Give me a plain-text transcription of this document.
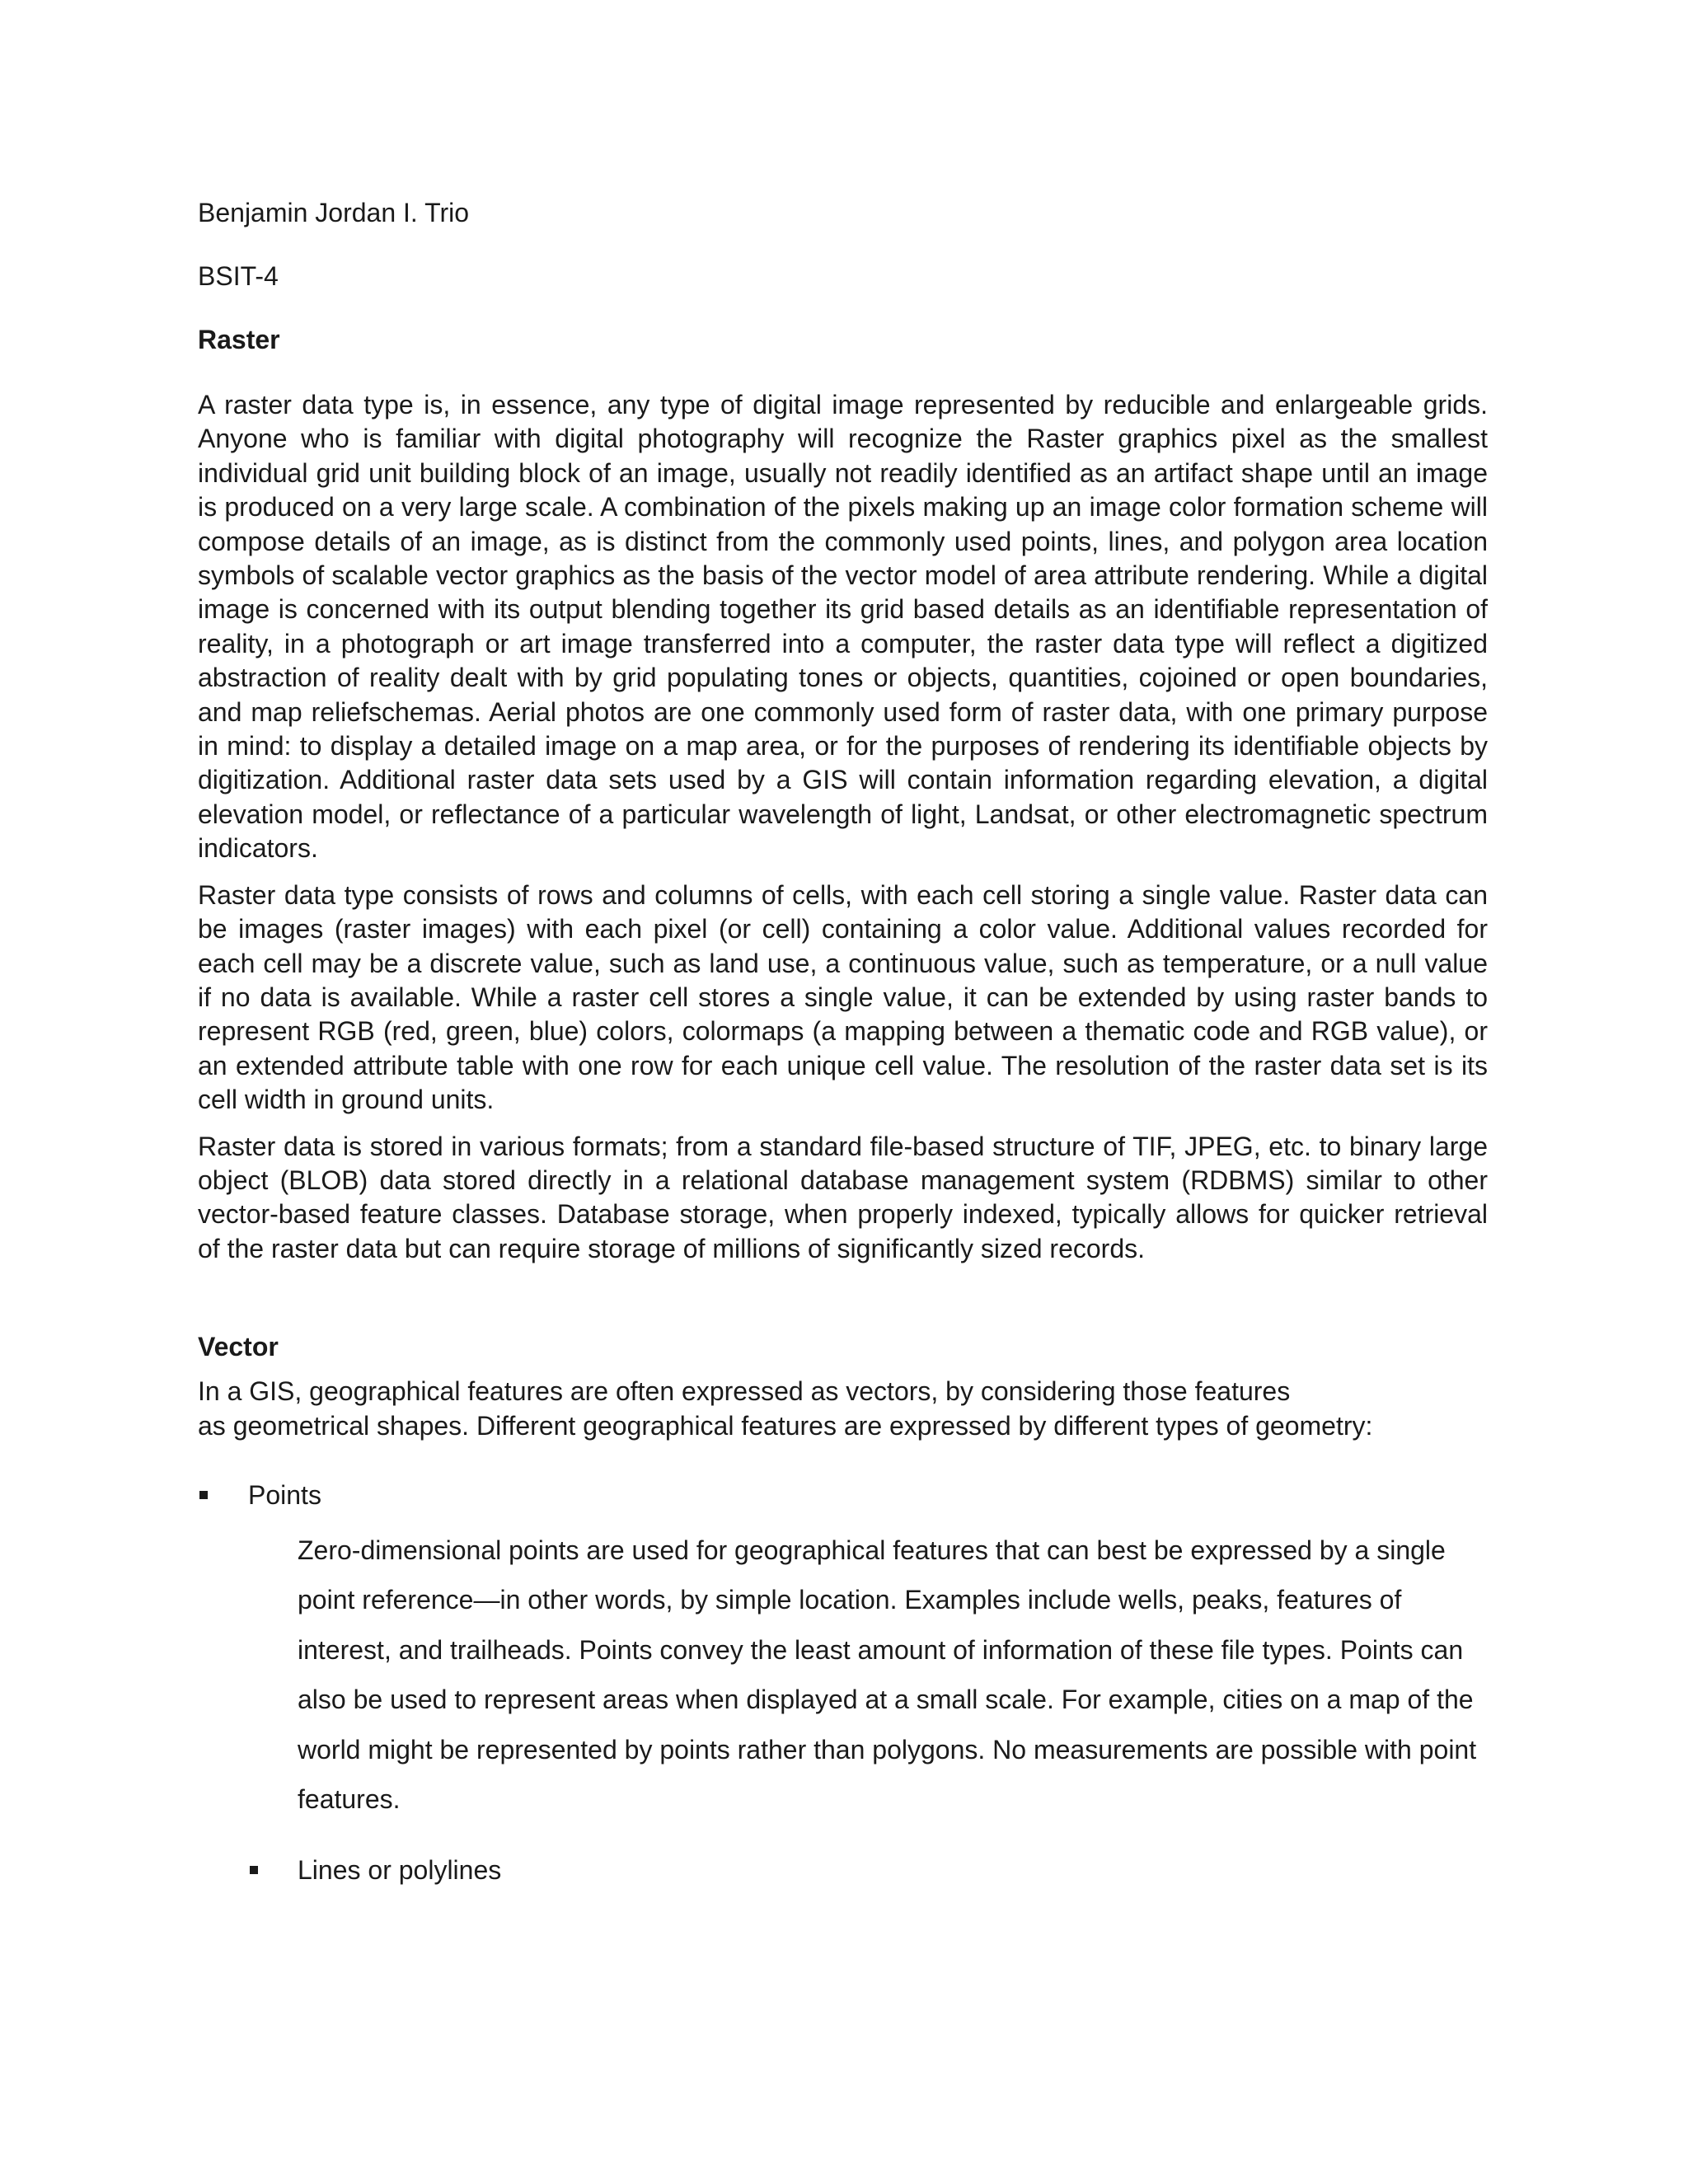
Benjamin Jordan I. Trio

BSIT-4

Raster

A raster data type is, in essence, any type of digital image represented by reducible and enlargeable grids. Anyone who is familiar with digital photography will recognize the Raster graphics pixel as the smallest individual grid unit building block of an image, usually not readily identified as an artifact shape until an image is produced on a very large scale. A combination of the pixels making up an image color formation scheme will compose details of an image, as is distinct from the commonly used points, lines, and polygon area location symbols of scalable vector graphics as the basis of the vector model of area attribute rendering. While a digital image is concerned with its output blending together its grid based details as an identifiable representation of reality, in a photograph or art image transferred into a computer, the raster data type will reflect a digitized abstraction of reality dealt with by grid populating tones or objects, quantities, cojoined or open boundaries, and map reliefschemas. Aerial photos are one commonly used form of raster data, with one primary purpose in mind: to display a detailed image on a map area, or for the purposes of rendering its identifiable objects by digitization. Additional raster data sets used by a GIS will contain information regarding elevation, a digital elevation model, or reflectance of a particular wavelength of light, Landsat, or other electromagnetic spectrum indicators.

Raster data type consists of rows and columns of cells, with each cell storing a single value. Raster data can be images (raster images) with each pixel (or cell) containing a color value. Additional values recorded for each cell may be a discrete value, such as land use, a continuous value, such as temperature, or a null value if no data is available. While a raster cell stores a single value, it can be extended by using raster bands to represent RGB (red, green, blue) colors, colormaps (a mapping between a thematic code and RGB value), or an extended attribute table with one row for each unique cell value. The resolution of the raster data set is its cell width in ground units.

Raster data is stored in various formats; from a standard file-based structure of TIF, JPEG, etc. to binary large object (BLOB) data stored directly in a relational database management system (RDBMS) similar to other vector-based feature classes. Database storage, when properly indexed, typically allows for quicker retrieval of the raster data but can require storage of millions of significantly sized records.

Vector

In a GIS, geographical features are often expressed as vectors, by considering those features
as geometrical shapes. Different geographical features are expressed by different types of geometry:
Points

Zero-dimensional points are used for geographical features that can best be expressed by a single point reference—in other words, by simple location. Examples include wells, peaks, features of interest, and trailheads. Points convey the least amount of information of these file types. Points can also be used to represent areas when displayed at a small scale. For example, cities on a map of the world might be represented by points rather than polygons. No measurements are possible with point features.

Lines or polylines
